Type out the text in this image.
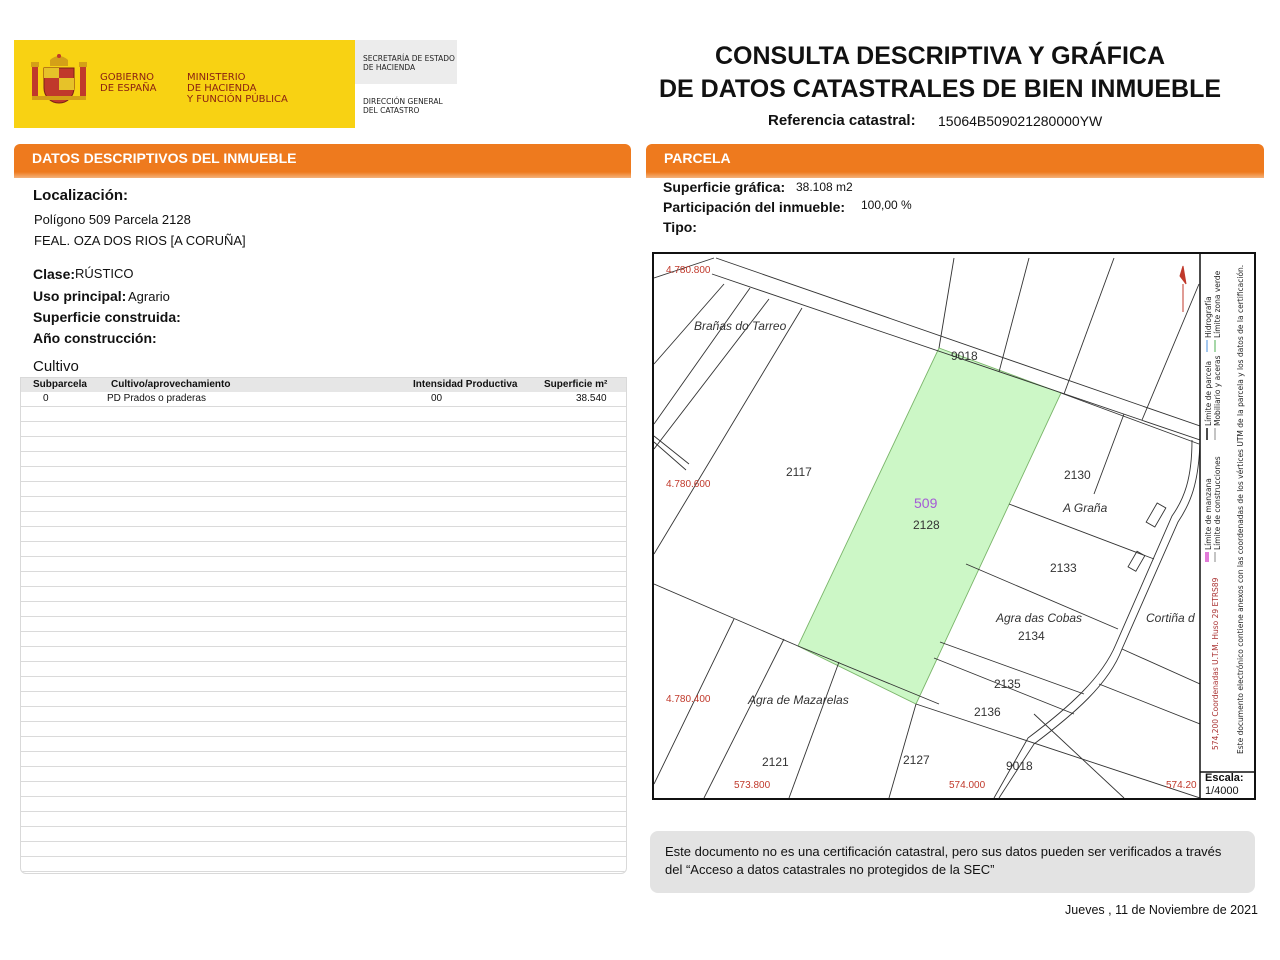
GOBIERNO
DE ESPAÑA
MINISTERIO
DE HACIENDA
Y FUNCIÓN PÚBLICA
SECRETARÍA DE ESTADO
DE HACIENDA
DIRECCIÓN GENERAL
DEL CATASTRO
CONSULTA DESCRIPTIVA Y GRÁFICA
DE DATOS CATASTRALES DE BIEN INMUEBLE
Referencia catastral: 15064B509021280000YW
DATOS DESCRIPTIVOS DEL INMUEBLE
Localización:
Polígono 509 Parcela 2128
FEAL. OZA DOS RIOS [A CORUÑA]
Clase: RÚSTICO
Uso principal: Agrario
Superficie construida:
Año construcción:
Cultivo
Subparcela Cultivo/aprovechamiento	Intensidad Productiva	Superficie m²
0	PD Prados o praderas	00	38.540
PARCELA
Superficie gráfica: 38.108 m2
Participación del inmueble: 100,00 %
Tipo:
4.780.800
4.780.600
4.780.400
573.800	574.000	574.20
Brañas do Tarreo
A Graña
Agra das Cobas	Cortiña d
Agra de Mazarelas
509
9018
2117
2128
2130
2133
2134
2135
2136
2121	2127	9018
574,200 Coordenadas U.T.M. Huso 29 ETRS89 Este documento electrónico contiene anexos con las coordenadas de los vértices UTM de la parcela y los datos de la certificación.
Límite de manzana Límite de construcciones
Límite de parcela Mobiliario y aceras
Hidrografía Límite zona verde
Escala:
1/4000
Este documento no es una certificación catastral, pero sus datos pueden ser verificados a través del “Acceso a datos catastrales no protegidos de la SEC”
Jueves , 11 de Noviembre de 2021
